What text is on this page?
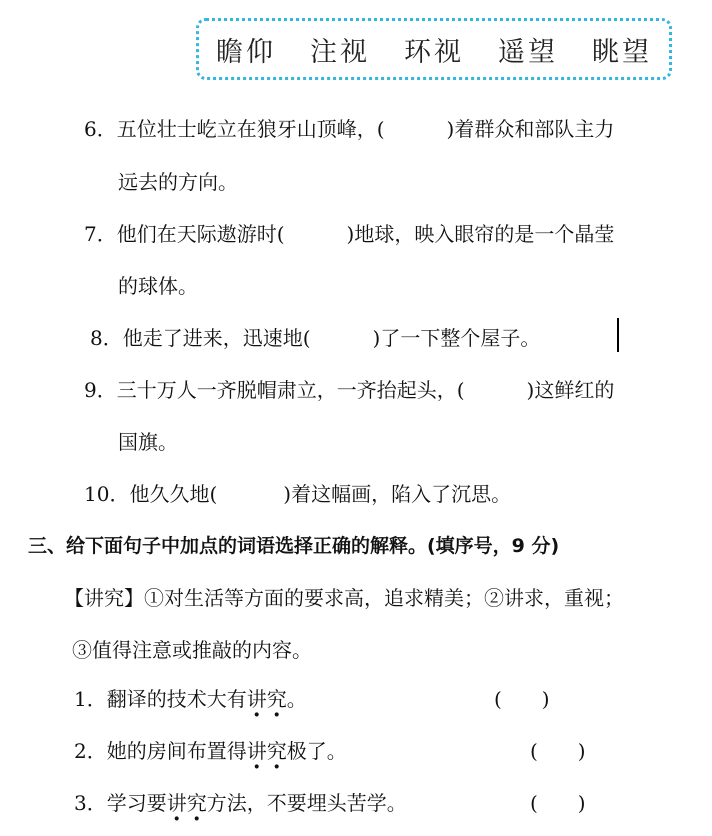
瞻仰 注视 环视 遥望 眺望
6．五位壮士屹立在狼牙山顶峰，(	)着群众和部队主力
远去的方向。
7．他们在天际遨游时(	)地球，映入眼帘的是一个晶莹
的球体。
8．他走了进来，迅速地(	)了一下整个屋子。
9．三十万人一齐脱帽肃立，一齐抬起头，(	)这鲜红的
国旗。
10．他久久地(	)着这幅画，陷入了沉思。
三、给下面句子中加点的词语选择正确的解释。(填序号，9 分)
【讲究】①对生活等方面的要求高，追求精美；②讲求，重视；
③值得注意或推敲的内容。
1．翻译的技术大有讲究。	(　　)
2．她的房间布置得讲究极了。	(　　)
3．学习要讲究方法，不要埋头苦学。	(　　)
